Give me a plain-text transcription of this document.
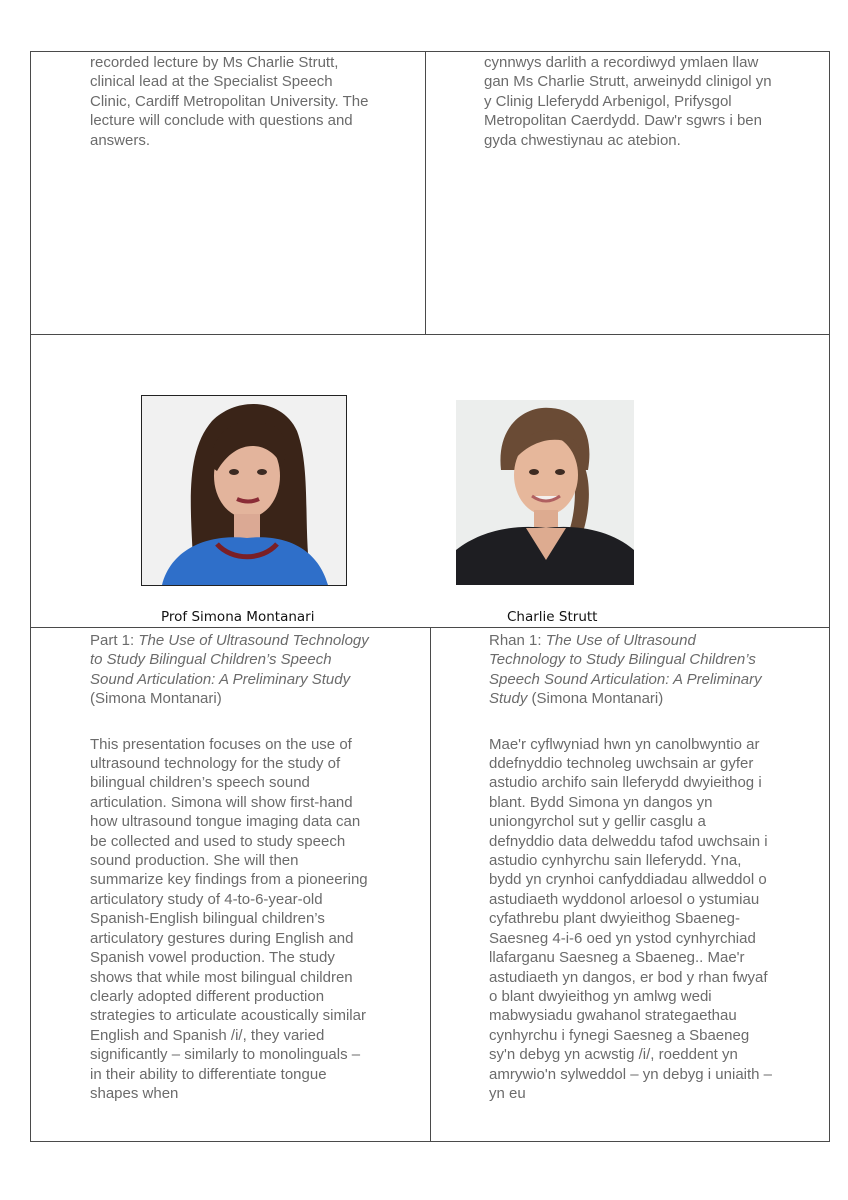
recorded lecture by Ms Charlie Strutt, clinical lead at the Specialist Speech Clinic, Cardiff Metropolitan University. The lecture will conclude with questions and answers.

cynnwys darlith a recordiwyd ymlaen llaw gan Ms Charlie Strutt, arweinydd clinigol yn y Clinig Lleferydd Arbenigol, Prifysgol Metropolitan Caerdydd. Daw'r sgwrs i ben gyda chwestiynau ac atebion.

Prof Simona Montanari	Charlie Strutt

Part 1: The Use of Ultrasound Technology to Study Bilingual Children’s Speech Sound Articulation: A Preliminary Study (Simona Montanari)

This presentation focuses on the use of ultrasound technology for the study of bilingual children’s speech sound articulation. Simona will show first-hand how ultrasound tongue imaging data can be collected and used to study speech sound production. She will then summarize key findings from a pioneering articulatory study of 4-to-6-year-old Spanish-English bilingual children’s articulatory gestures during English and Spanish vowel production. The study shows that while most bilingual children clearly adopted different production strategies to articulate acoustically similar English and Spanish /i/, they varied significantly – similarly to monolinguals – in their ability to differentiate tongue shapes when

Rhan 1: The Use of Ultrasound Technology to Study Bilingual Children’s Speech Sound Articulation: A Preliminary Study (Simona Montanari)

Mae'r cyflwyniad hwn yn canolbwyntio ar ddefnyddio technoleg uwchsain ar gyfer astudio archifo sain lleferydd dwyieithog i blant. Bydd Simona yn dangos yn uniongyrchol sut y gellir casglu a defnyddio data delweddu tafod uwchsain i astudio cynhyrchu sain lleferydd. Yna, bydd yn crynhoi canfyddiadau allweddol o astudiaeth wyddonol arloesol o ystumiau cyfathrebu plant dwyieithog Sbaeneg-Saesneg 4-i-6 oed yn ystod cynhyrchiad llafarganu Saesneg a Sbaeneg.. Mae'r astudiaeth yn dangos, er bod y rhan fwyaf o blant dwyieithog yn amlwg wedi mabwysiadu gwahanol strategaethau cynhyrchu i fynegi Saesneg a Sbaeneg sy'n debyg yn acwstig /i/, roeddent yn amrywio'n sylweddol – yn debyg i uniaith – yn eu
